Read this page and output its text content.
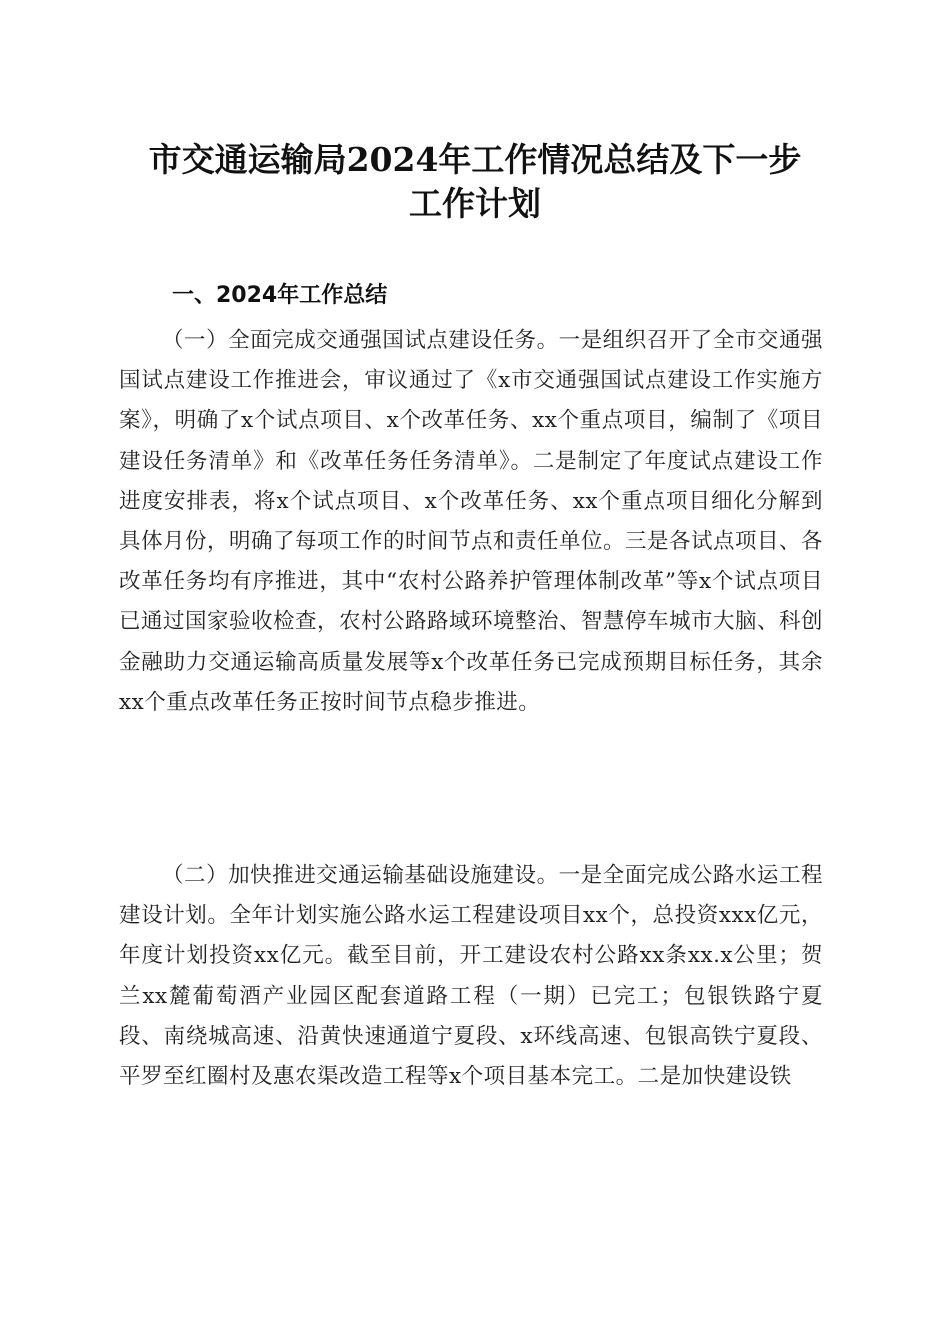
市交通运输局2024年工作情况总结及下一步
工作计划
一、2024年工作总结

（一）全面完成交通强国试点建设任务。一是组织召开了全市交通强国试点建设工作推进会，审议通过了《x市交通强国试点建设工作实施方案》，明确了x个试点项目、x个改革任务、xx个重点项目，编制了《项目建设任务清单》和《改革任务任务清单》。二是制定了年度试点建设工作进度安排表，将x个试点项目、x个改革任务、xx个重点项目细化分解到具体月份，明确了每项工作的时间节点和责任单位。三是各试点项目、各改革任务均有序推进，其中“农村公路养护管理体制改革”等x个试点项目已通过国家验收检查，农村公路路域环境整治、智慧停车城市大脑、科创金融助力交通运输高质量发展等x个改革任务已完成预期目标任务，其余xx个重点改革任务正按时间节点稳步推进。

（二）加快推进交通运输基础设施建设。一是全面完成公路水运工程建设计划。全年计划实施公路水运工程建设项目xx个，总投资xxx亿元，年度计划投资xx亿元。截至目前，开工建设农村公路xx条xx.x公里；贺兰xx麓葡萄酒产业园区配套道路工程（一期）已完工；包银铁路宁夏段、南绕城高速、沿黄快速通道宁夏段、x环线高速、包银高铁宁夏段、平罗至红圈村及惠农渠改造工程等x个项目基本完工。二是加快建设铁
